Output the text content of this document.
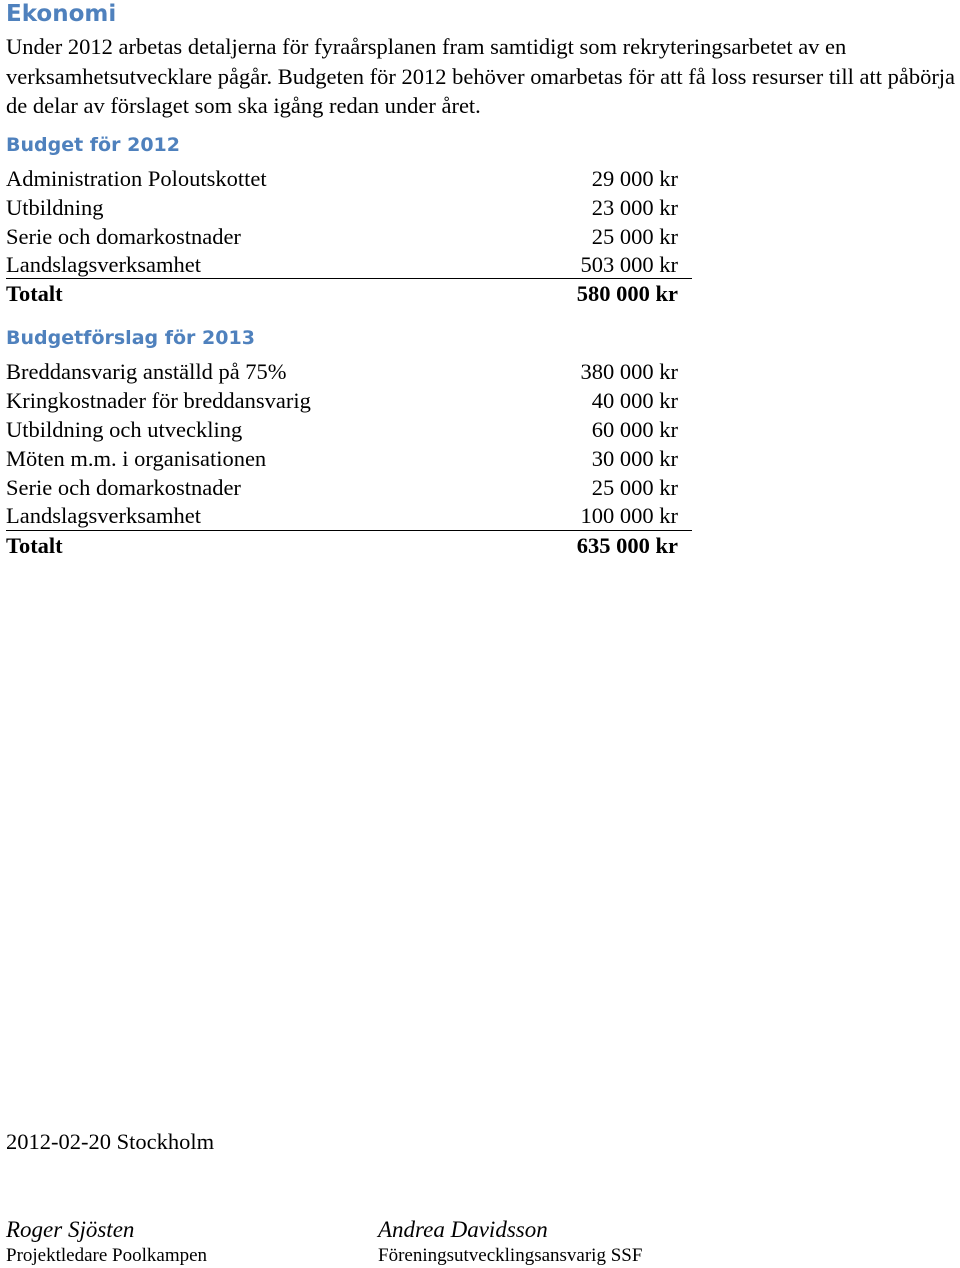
Ekonomi

Under 2012 arbetas detaljerna för fyraårsplanen fram samtidigt som rekryteringsarbetet av en verksamhetsutvecklare pågår. Budgeten för 2012 behöver omarbetas för att få loss resurser till att påbörja de delar av förslaget som ska igång redan under året.

Budget för 2012
Administration Poloutskottet	29 000 kr
Utbildning	23 000 kr
Serie och domarkostnader	25 000 kr
Landslagsverksamhet	503 000 kr
Totalt	580 000 kr
Budgetförslag för 2013
Breddansvarig anställd på 75%	380 000 kr
Kringkostnader för breddansvarig	40 000 kr
Utbildning och utveckling	60 000 kr
Möten m.m. i organisationen	30 000 kr
Serie och domarkostnader	25 000 kr
Landslagsverksamhet	100 000 kr
Totalt	635 000 kr
2012-02-20 Stockholm
Roger Sjösten
Projektledare Poolkampen
Andrea Davidsson
Föreningsutvecklingsansvarig SSF
